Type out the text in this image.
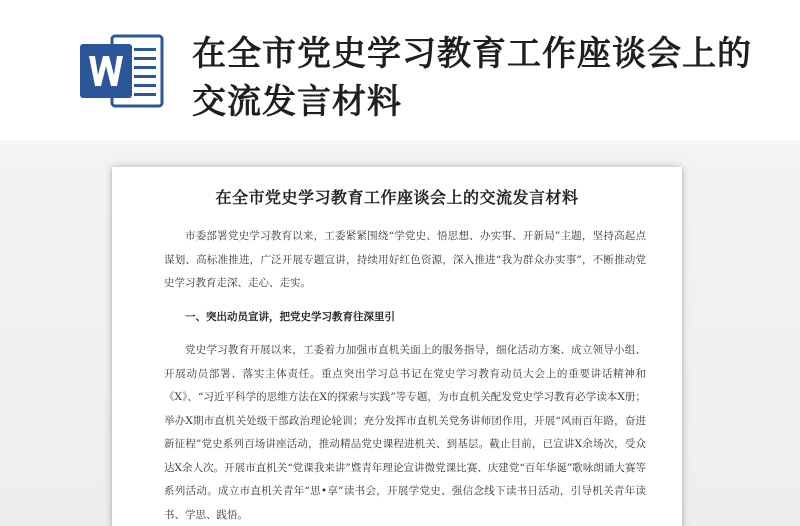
在全市党史学习教育工作座谈会上的交流发言材料
在全市党史学习教育工作座谈会上的交流发言材料

市委部署党史学习教育以来，工委紧紧围绕“学党史、悟思想、办实事、开新局”主题，坚持高起点谋划、高标准推进，广泛开展专题宣讲，持续用好红色资源，深入推进“我为群众办实事”，不断推动党史学习教育走深、走心、走实。

一、突出动员宣讲，把党史学习教育往深里引

党史学习教育开展以来，工委着力加强市直机关面上的服务指导，细化活动方案、成立领导小组、开展动员部署、落实主体责任。重点突出学习总书记在党史学习教育动员大会上的重要讲话精神和《X》、“习近平科学的思维方法在X的探索与实践”等专题，为市直机关配发党史学习教育必学读本X册；举办X期市直机关处级干部政治理论轮训；充分发挥市直机关党务讲师团作用，开展“风雨百年路，奋进新征程”党史系列百场讲座活动，推动精品党史课程进机关、到基层。截止目前，已宣讲X余场次，受众达X余人次。开展市直机关“党课我来讲”暨青年理论宣讲微党课比赛、庆建党“百年华诞”歌咏朗诵大赛等系列活动。成立市直机关青年“思•享”读书会，开展学党史、强信念线下读书日活动，引导机关青年读书、学思、践悟。
